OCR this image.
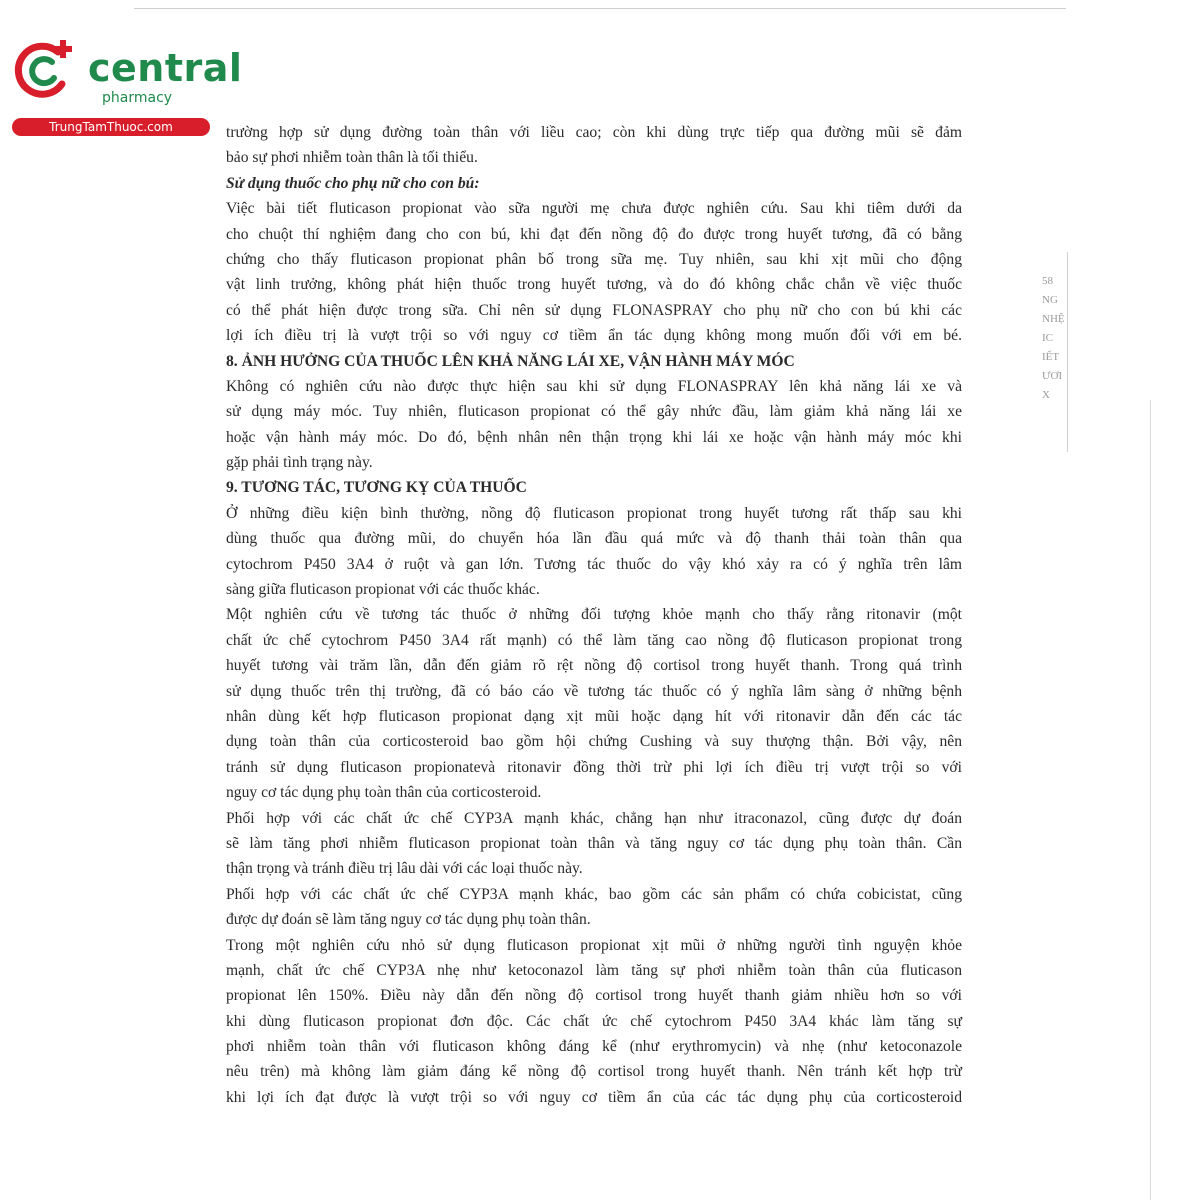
58
NG
NHỆ
IC
IẾT
ƯƠI
X
central
pharmacy
TrungTamThuoc.com	trường hợp sử dụng đường toàn thân với liều cao; còn khi dùng trực tiếp qua đường mũi sẽ đảm
bảo sự phơi nhiễm toàn thân là tối thiểu.
Sử dụng thuốc cho phụ nữ cho con bú:
Việc bài tiết fluticason propionat vào sữa người mẹ chưa được nghiên cứu. Sau khi tiêm dưới da
cho chuột thí nghiệm đang cho con bú, khi đạt đến nồng độ đo được trong huyết tương, đã có bằng
chứng cho thấy fluticason propionat phân bố trong sữa mẹ. Tuy nhiên, sau khi xịt mũi cho động
vật linh trưởng, không phát hiện thuốc trong huyết tương, và do đó không chắc chắn về việc thuốc
có thể phát hiện được trong sữa. Chỉ nên sử dụng FLONASPRAY cho phụ nữ cho con bú khi các
lợi ích điều trị là vượt trội so với nguy cơ tiềm ẩn tác dụng không mong muốn đối với em bé.
8. ẢNH HƯỞNG CỦA THUỐC LÊN KHẢ NĂNG LÁI XE, VẬN HÀNH MÁY MÓC
Không có nghiên cứu nào được thực hiện sau khi sử dụng FLONASPRAY lên khả năng lái xe và
sử dụng máy móc. Tuy nhiên, fluticason propionat có thể gây nhức đầu, làm giảm khả năng lái xe
hoặc vận hành máy móc. Do đó, bệnh nhân nên thận trọng khi lái xe hoặc vận hành máy móc khi
gặp phải tình trạng này.
9. TƯƠNG TÁC, TƯƠNG KỴ CỦA THUỐC
Ở những điều kiện bình thường, nồng độ fluticason propionat trong huyết tương rất thấp sau khi
dùng thuốc qua đường mũi, do chuyển hóa lần đầu quá mức và độ thanh thải toàn thân qua
cytochrom P450 3A4 ở ruột và gan lớn. Tương tác thuốc do vậy khó xảy ra có ý nghĩa trên lâm
sàng giữa fluticason propionat với các thuốc khác.
Một nghiên cứu về tương tác thuốc ở những đối tượng khỏe mạnh cho thấy rằng ritonavir (một
chất ức chế cytochrom P450 3A4 rất mạnh) có thể làm tăng cao nồng độ fluticason propionat trong
huyết tương vài trăm lần, dẫn đến giảm rõ rệt nồng độ cortisol trong huyết thanh. Trong quá trình
sử dụng thuốc trên thị trường, đã có báo cáo về tương tác thuốc có ý nghĩa lâm sàng ở những bệnh
nhân dùng kết hợp fluticason propionat dạng xịt mũi hoặc dạng hít với ritonavir dẫn đến các tác
dụng toàn thân của corticosteroid bao gồm hội chứng Cushing và suy thượng thận. Bởi vậy, nên
tránh sử dụng fluticason propionatevà ritonavir đồng thời trừ phi lợi ích điều trị vượt trội so với
nguy cơ tác dụng phụ toàn thân của corticosteroid.
Phối hợp với các chất ức chế CYP3A mạnh khác, chẳng hạn như itraconazol, cũng được dự đoán
sẽ làm tăng phơi nhiễm fluticason propionat toàn thân và tăng nguy cơ tác dụng phụ toàn thân. Cần
thận trọng và tránh điều trị lâu dài với các loại thuốc này.
Phối hợp với các chất ức chế CYP3A mạnh khác, bao gồm các sản phẩm có chứa cobicistat, cũng
được dự đoán sẽ làm tăng nguy cơ tác dụng phụ toàn thân.
Trong một nghiên cứu nhỏ sử dụng fluticason propionat xịt mũi ở những người tình nguyện khỏe
mạnh, chất ức chế CYP3A nhẹ như ketoconazol làm tăng sự phơi nhiễm toàn thân của fluticason
propionat lên 150%. Điều này dẫn đến nồng độ cortisol trong huyết thanh giảm nhiều hơn so với
khi dùng fluticason propionat đơn độc. Các chất ức chế cytochrom P450 3A4 khác làm tăng sự
phơi nhiễm toàn thân với fluticason không đáng kể (như erythromycin) và nhẹ (như ketoconazole
nêu trên) mà không làm giảm đáng kể nồng độ cortisol trong huyết thanh. Nên tránh kết hợp trừ
khi lợi ích đạt được là vượt trội so với nguy cơ tiềm ẩn của các tác dụng phụ của corticosteroid
